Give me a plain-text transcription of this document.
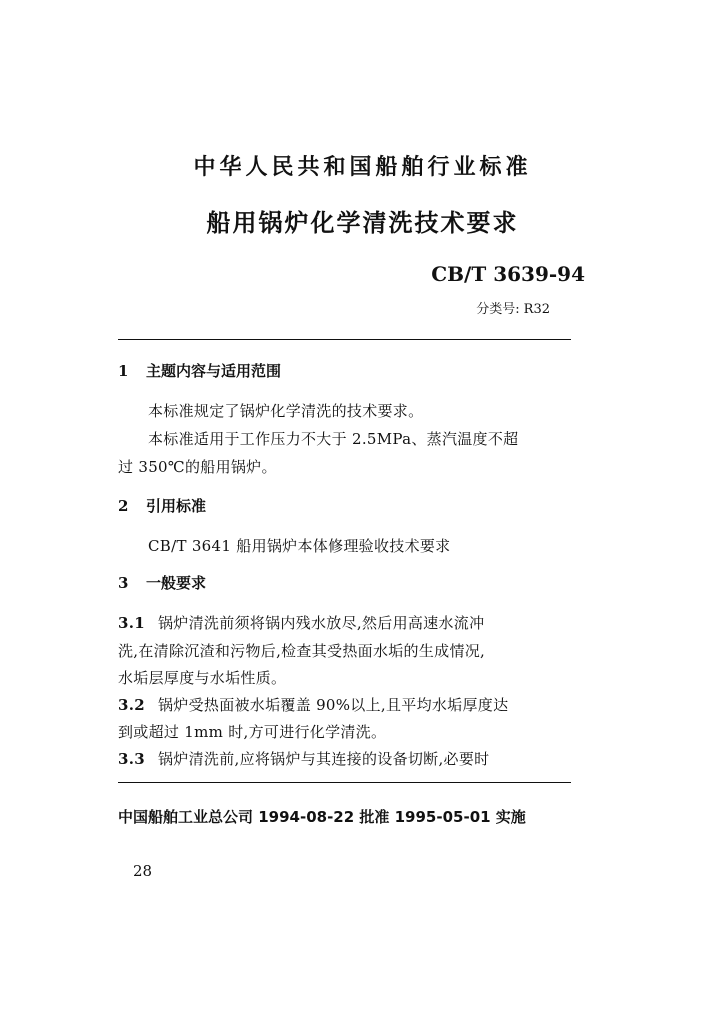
中华人民共和国船舶行业标准
船用锅炉化学清洗技术要求
CB/T 3639-94
分类号: R32
1 主题内容与适用范围
本标准规定了锅炉化学清洗的技术要求。
本标准适用于工作压力不大于 2.5MPa、蒸汽温度不超
过 350℃的船用锅炉。
2 引用标准
CB/T 3641 船用锅炉本体修理验收技术要求
3 一般要求
3.1 锅炉清洗前须将锅内残水放尽,然后用高速水流冲
洗,在清除沉渣和污物后,检查其受热面水垢的生成情况,
水垢层厚度与水垢性质。
3.2 锅炉受热面被水垢覆盖 90%以上,且平均水垢厚度达
到或超过 1mm 时,方可进行化学清洗。
3.3 锅炉清洗前,应将锅炉与其连接的设备切断,必要时
中国船舶工业总公司 1994-08-22 批准 1995-05-01 实施
28
